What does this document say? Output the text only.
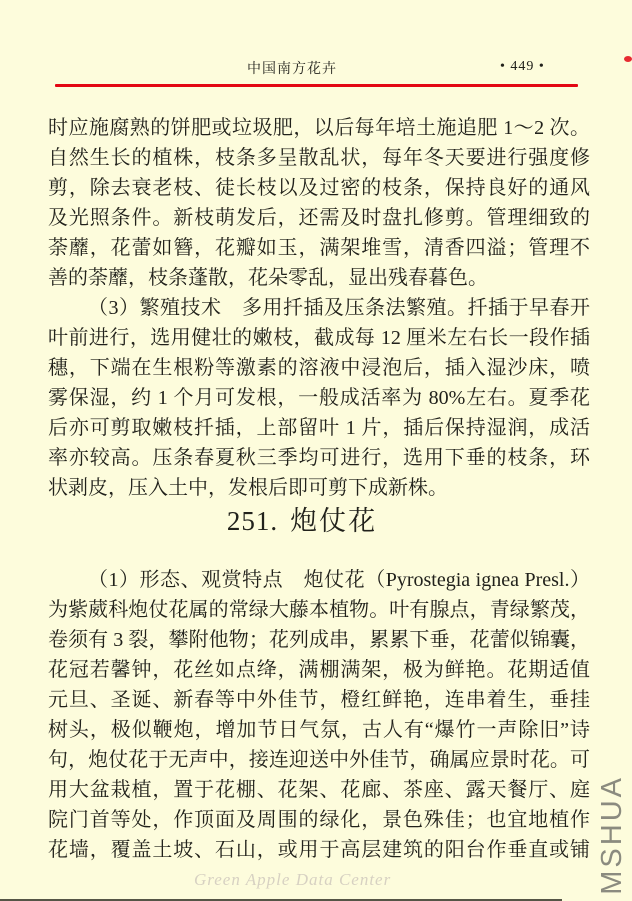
中国南方花卉	• 449 •
时应施腐熟的饼肥或垃圾肥，以后每年培土施追肥 1～2 次。
自然生长的植株，枝条多呈散乱状，每年冬天要进行强度修
剪，除去衰老枝、徒长枝以及过密的枝条，保持良好的通风
及光照条件。新枝萌发后，还需及时盘扎修剪。管理细致的
荼蘼，花蕾如簪，花瓣如玉，满架堆雪，清香四溢；管理不
善的荼蘼，枝条蓬散，花朵零乱，显出残春暮色。
（3）繁殖技术　多用扦插及压条法繁殖。扦插于早春开
叶前进行，选用健壮的嫩枝，截成每 12 厘米左右长一段作插
穗，下端在生根粉等激素的溶液中浸泡后，插入湿沙床，喷
雾保湿，约 1 个月可发根，一般成活率为 80%左右。夏季花
后亦可剪取嫩枝扦插，上部留叶 1 片，插后保持湿润，成活
率亦较高。压条春夏秋三季均可进行，选用下垂的枝条，环
状剥皮，压入土中，发根后即可剪下成新株。
251. 炮仗花
（1）形态、观赏特点　炮仗花（Pyrostegia ignea Presl.）
为紫葳科炮仗花属的常绿大藤本植物。叶有腺点，青绿繁茂，
卷须有 3 裂，攀附他物；花列成串，累累下垂，花蕾似锦囊，
花冠若馨钟，花丝如点绛，满棚满架，极为鲜艳。花期适值
元旦、圣诞、新春等中外佳节，橙红鲜艳，连串着生，垂挂
树头，极似鞭炮，增加节日气氛，古人有“爆竹一声除旧”诗
句，炮仗花于无声中，接连迎送中外佳节，确属应景时花。可
用大盆栽植，置于花棚、花架、花廊、茶座、露天餐厅、庭
院门首等处，作顶面及周围的绿化，景色殊佳；也宜地植作
花墙，覆盖土坡、石山，或用于高层建筑的阳台作垂直或铺
Green Apple Data Center	MSHUA
